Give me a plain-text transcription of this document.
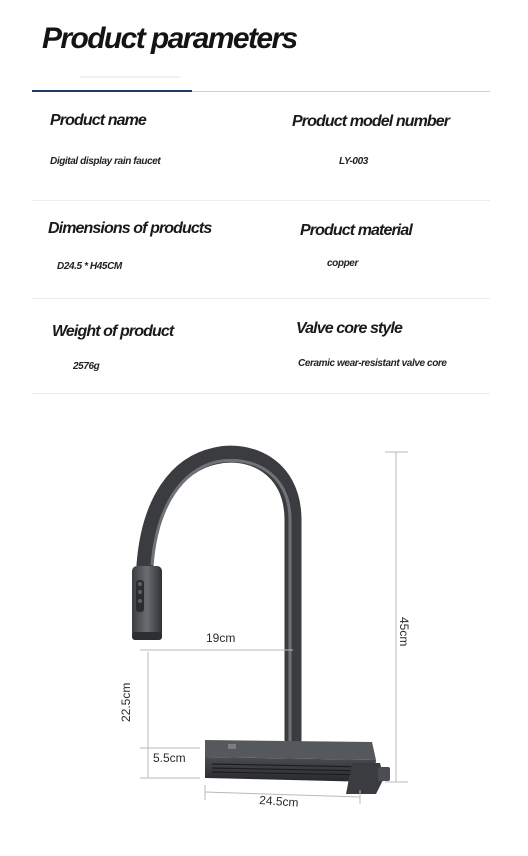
Product parameters
Product name
Digital display rain faucet
Product model number
LY-003
Dimensions of products
D24.5 * H45CM
Product material
copper
Weight of product
2576g
Valve core style
Ceramic wear-resistant valve core
45cm
19cm
22.5cm
5.5cm
24.5cm
